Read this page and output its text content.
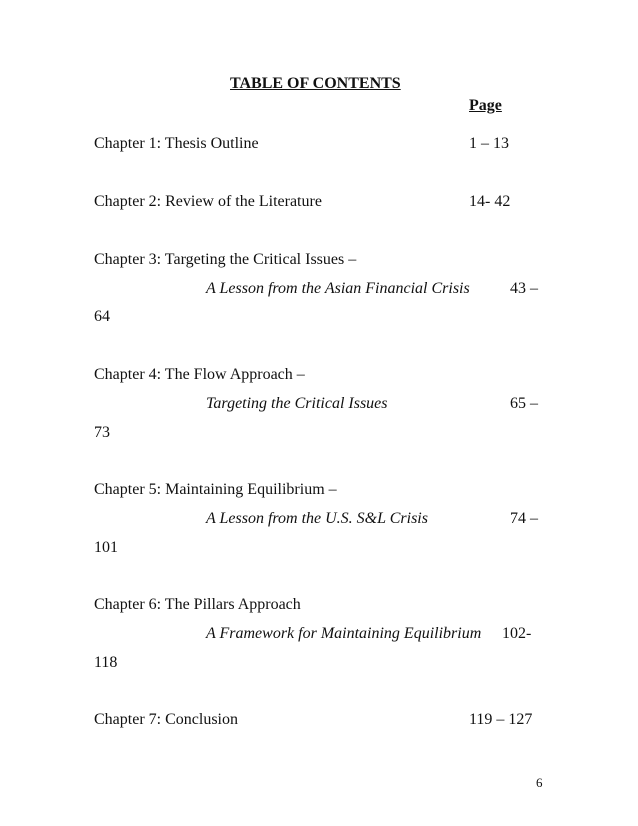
TABLE OF CONTENTS
Page
Chapter 1: Thesis Outline	1 – 13
Chapter 2: Review of the Literature	14- 42
Chapter 3: Targeting the Critical Issues –
A Lesson from the Asian Financial Crisis	43 –
64
Chapter 4: The Flow Approach –
Targeting the Critical Issues	65 –
73
Chapter 5: Maintaining Equilibrium –
A Lesson from the U.S. S&L Crisis	74 –
101
Chapter 6: The Pillars Approach
A Framework for Maintaining Equilibrium 102-
118
Chapter 7: Conclusion	119 – 127
6
